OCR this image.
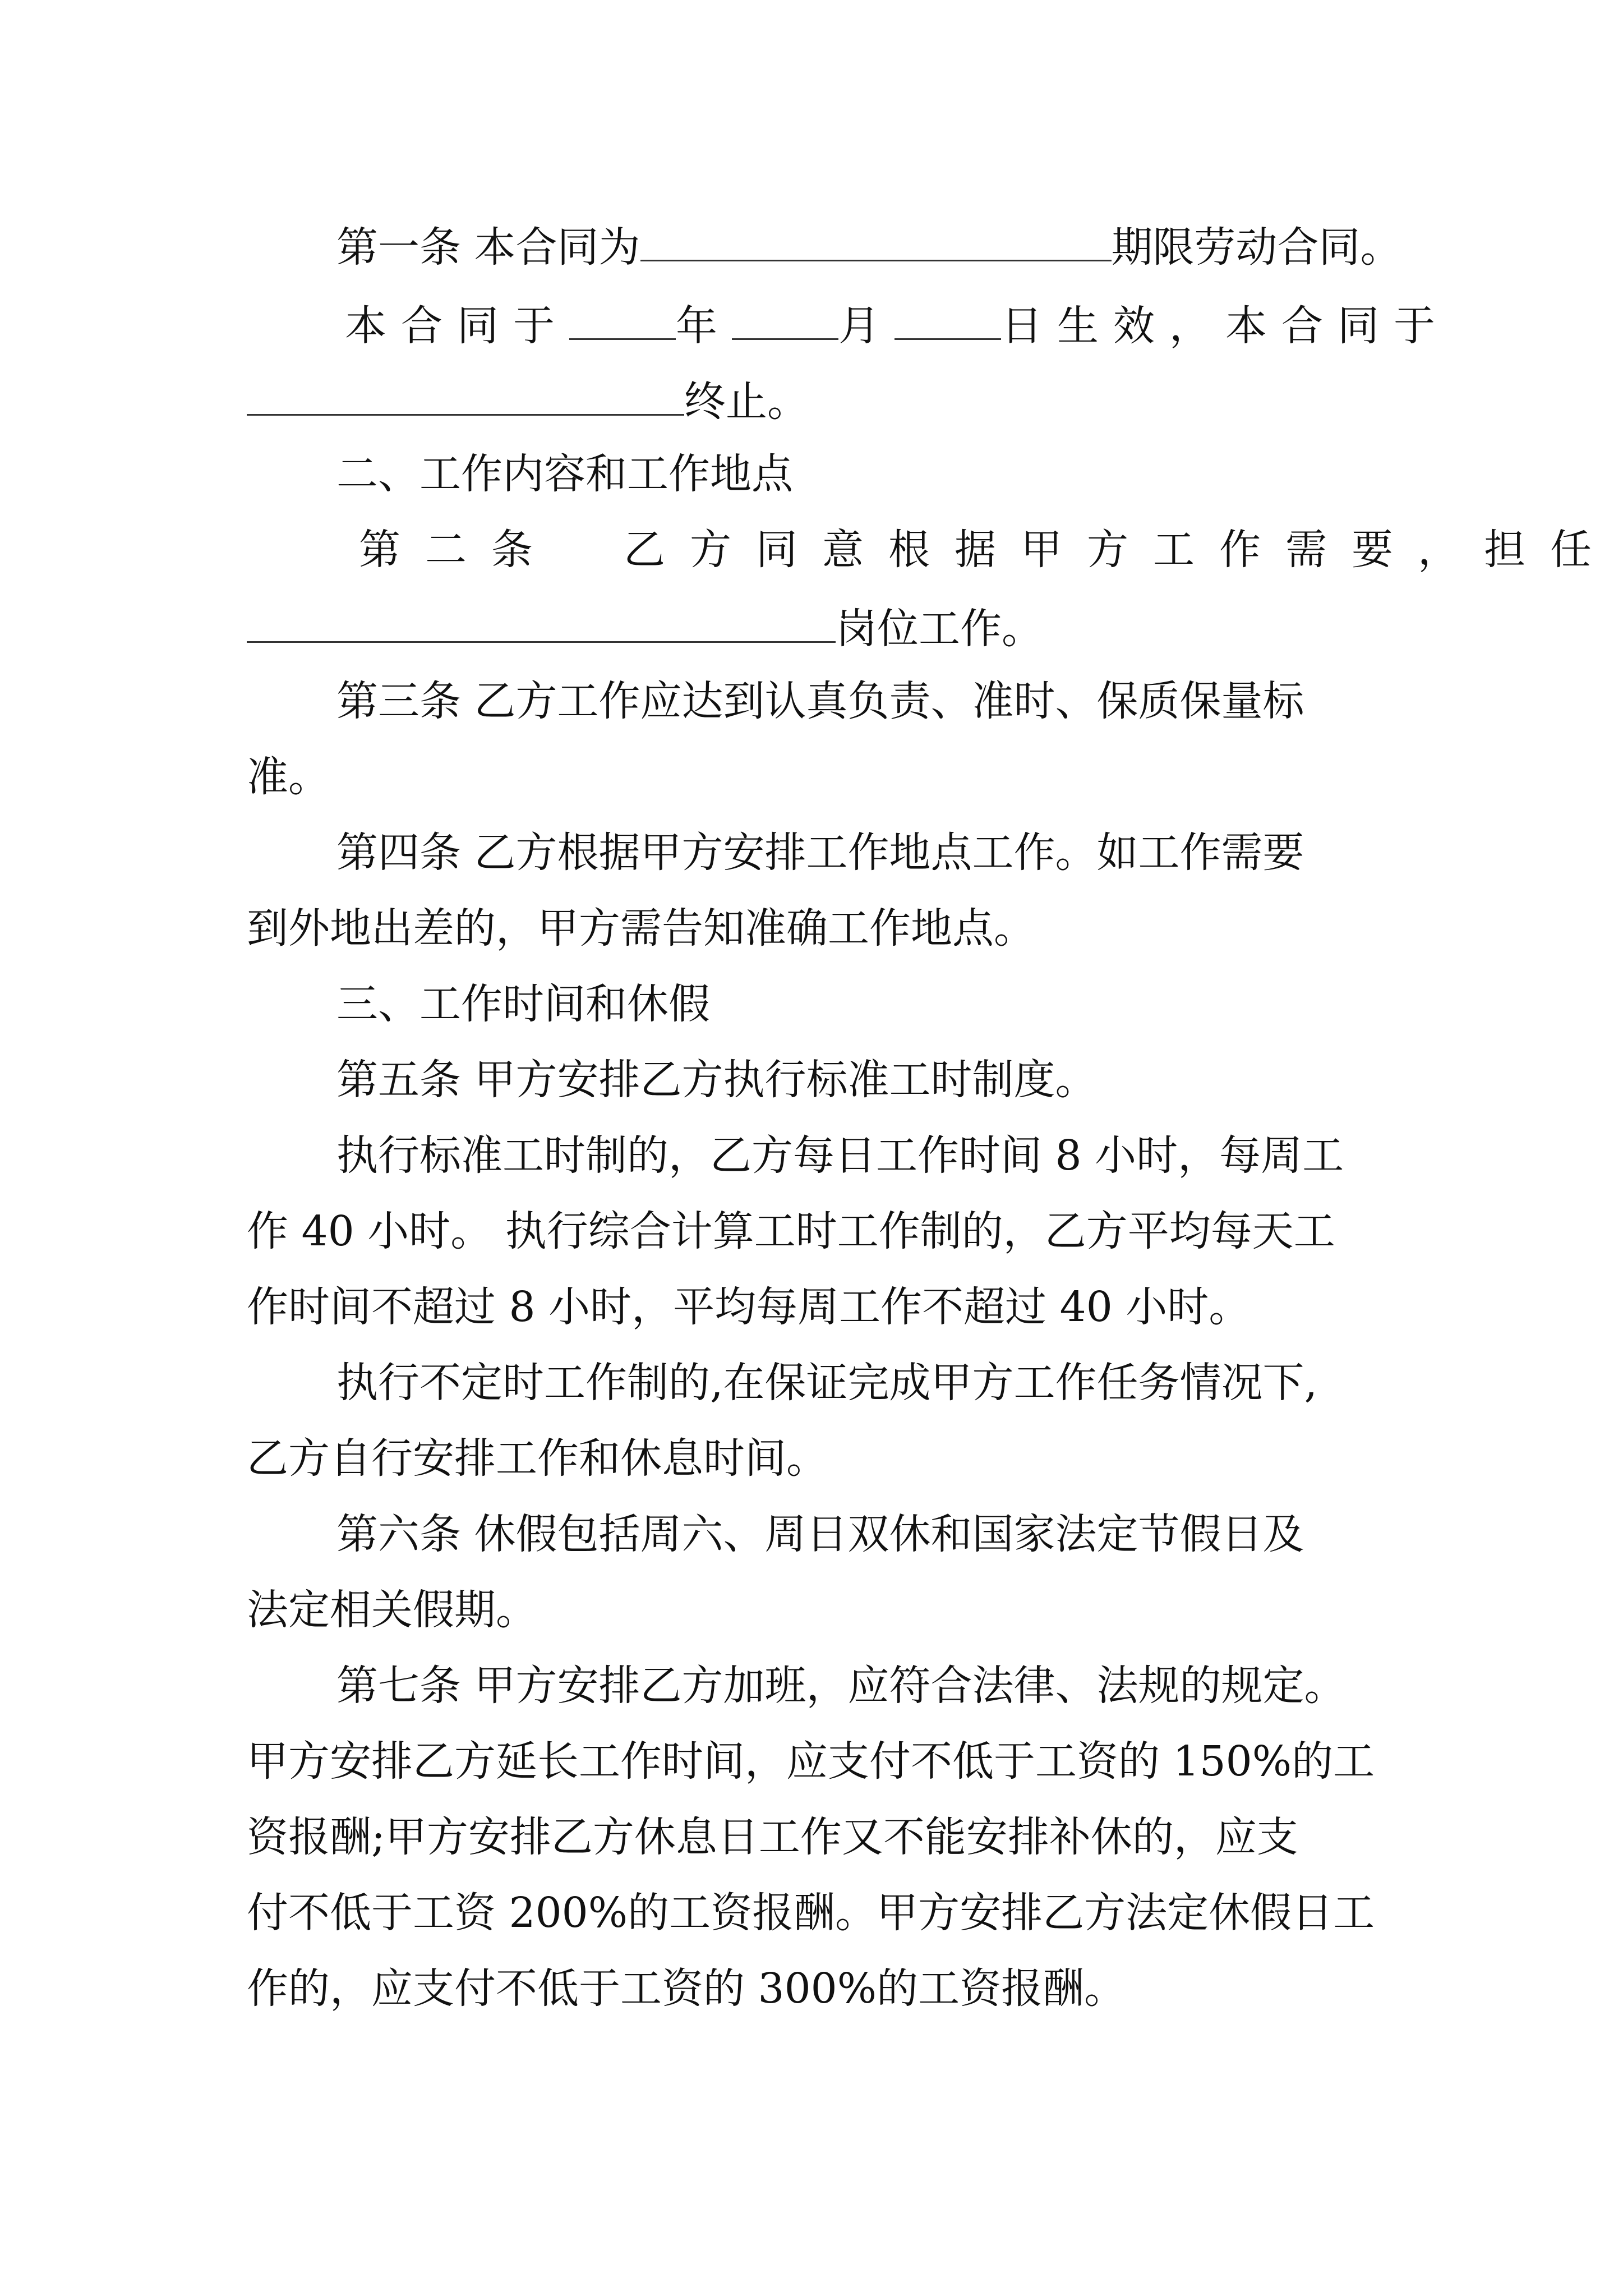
第一条 本合同为	期限劳动合同。
本合同于	年	月	日生效，本合同于
终止。
二、工作内容和工作地点
第二条　乙方同意根据甲方工作需要，担任
岗位工作。
第三条 乙方工作应达到认真负责、准时、保质保量标
准。
第四条 乙方根据甲方安排工作地点工作。如工作需要
到外地出差的，甲方需告知准确工作地点。
三、工作时间和休假
第五条 甲方安排乙方执行标准工时制度。
执行标准工时制的，乙方每日工作时间 8 小时，每周工
作 40 小时。 执行综合计算工时工作制的，乙方平均每天工
作时间不超过 8 小时，平均每周工作不超过 40 小时。
执行不定时工作制的,在保证完成甲方工作任务情况下,
乙方自行安排工作和休息时间。
第六条 休假包括周六、周日双休和国家法定节假日及
法定相关假期。
第七条 甲方安排乙方加班，应符合法律、法规的规定。
甲方安排乙方延长工作时间，应支付不低于工资的 150%的工
资报酬;甲方安排乙方休息日工作又不能安排补休的，应支
付不低于工资 200%的工资报酬。甲方安排乙方法定休假日工
作的，应支付不低于工资的 300%的工资报酬。
